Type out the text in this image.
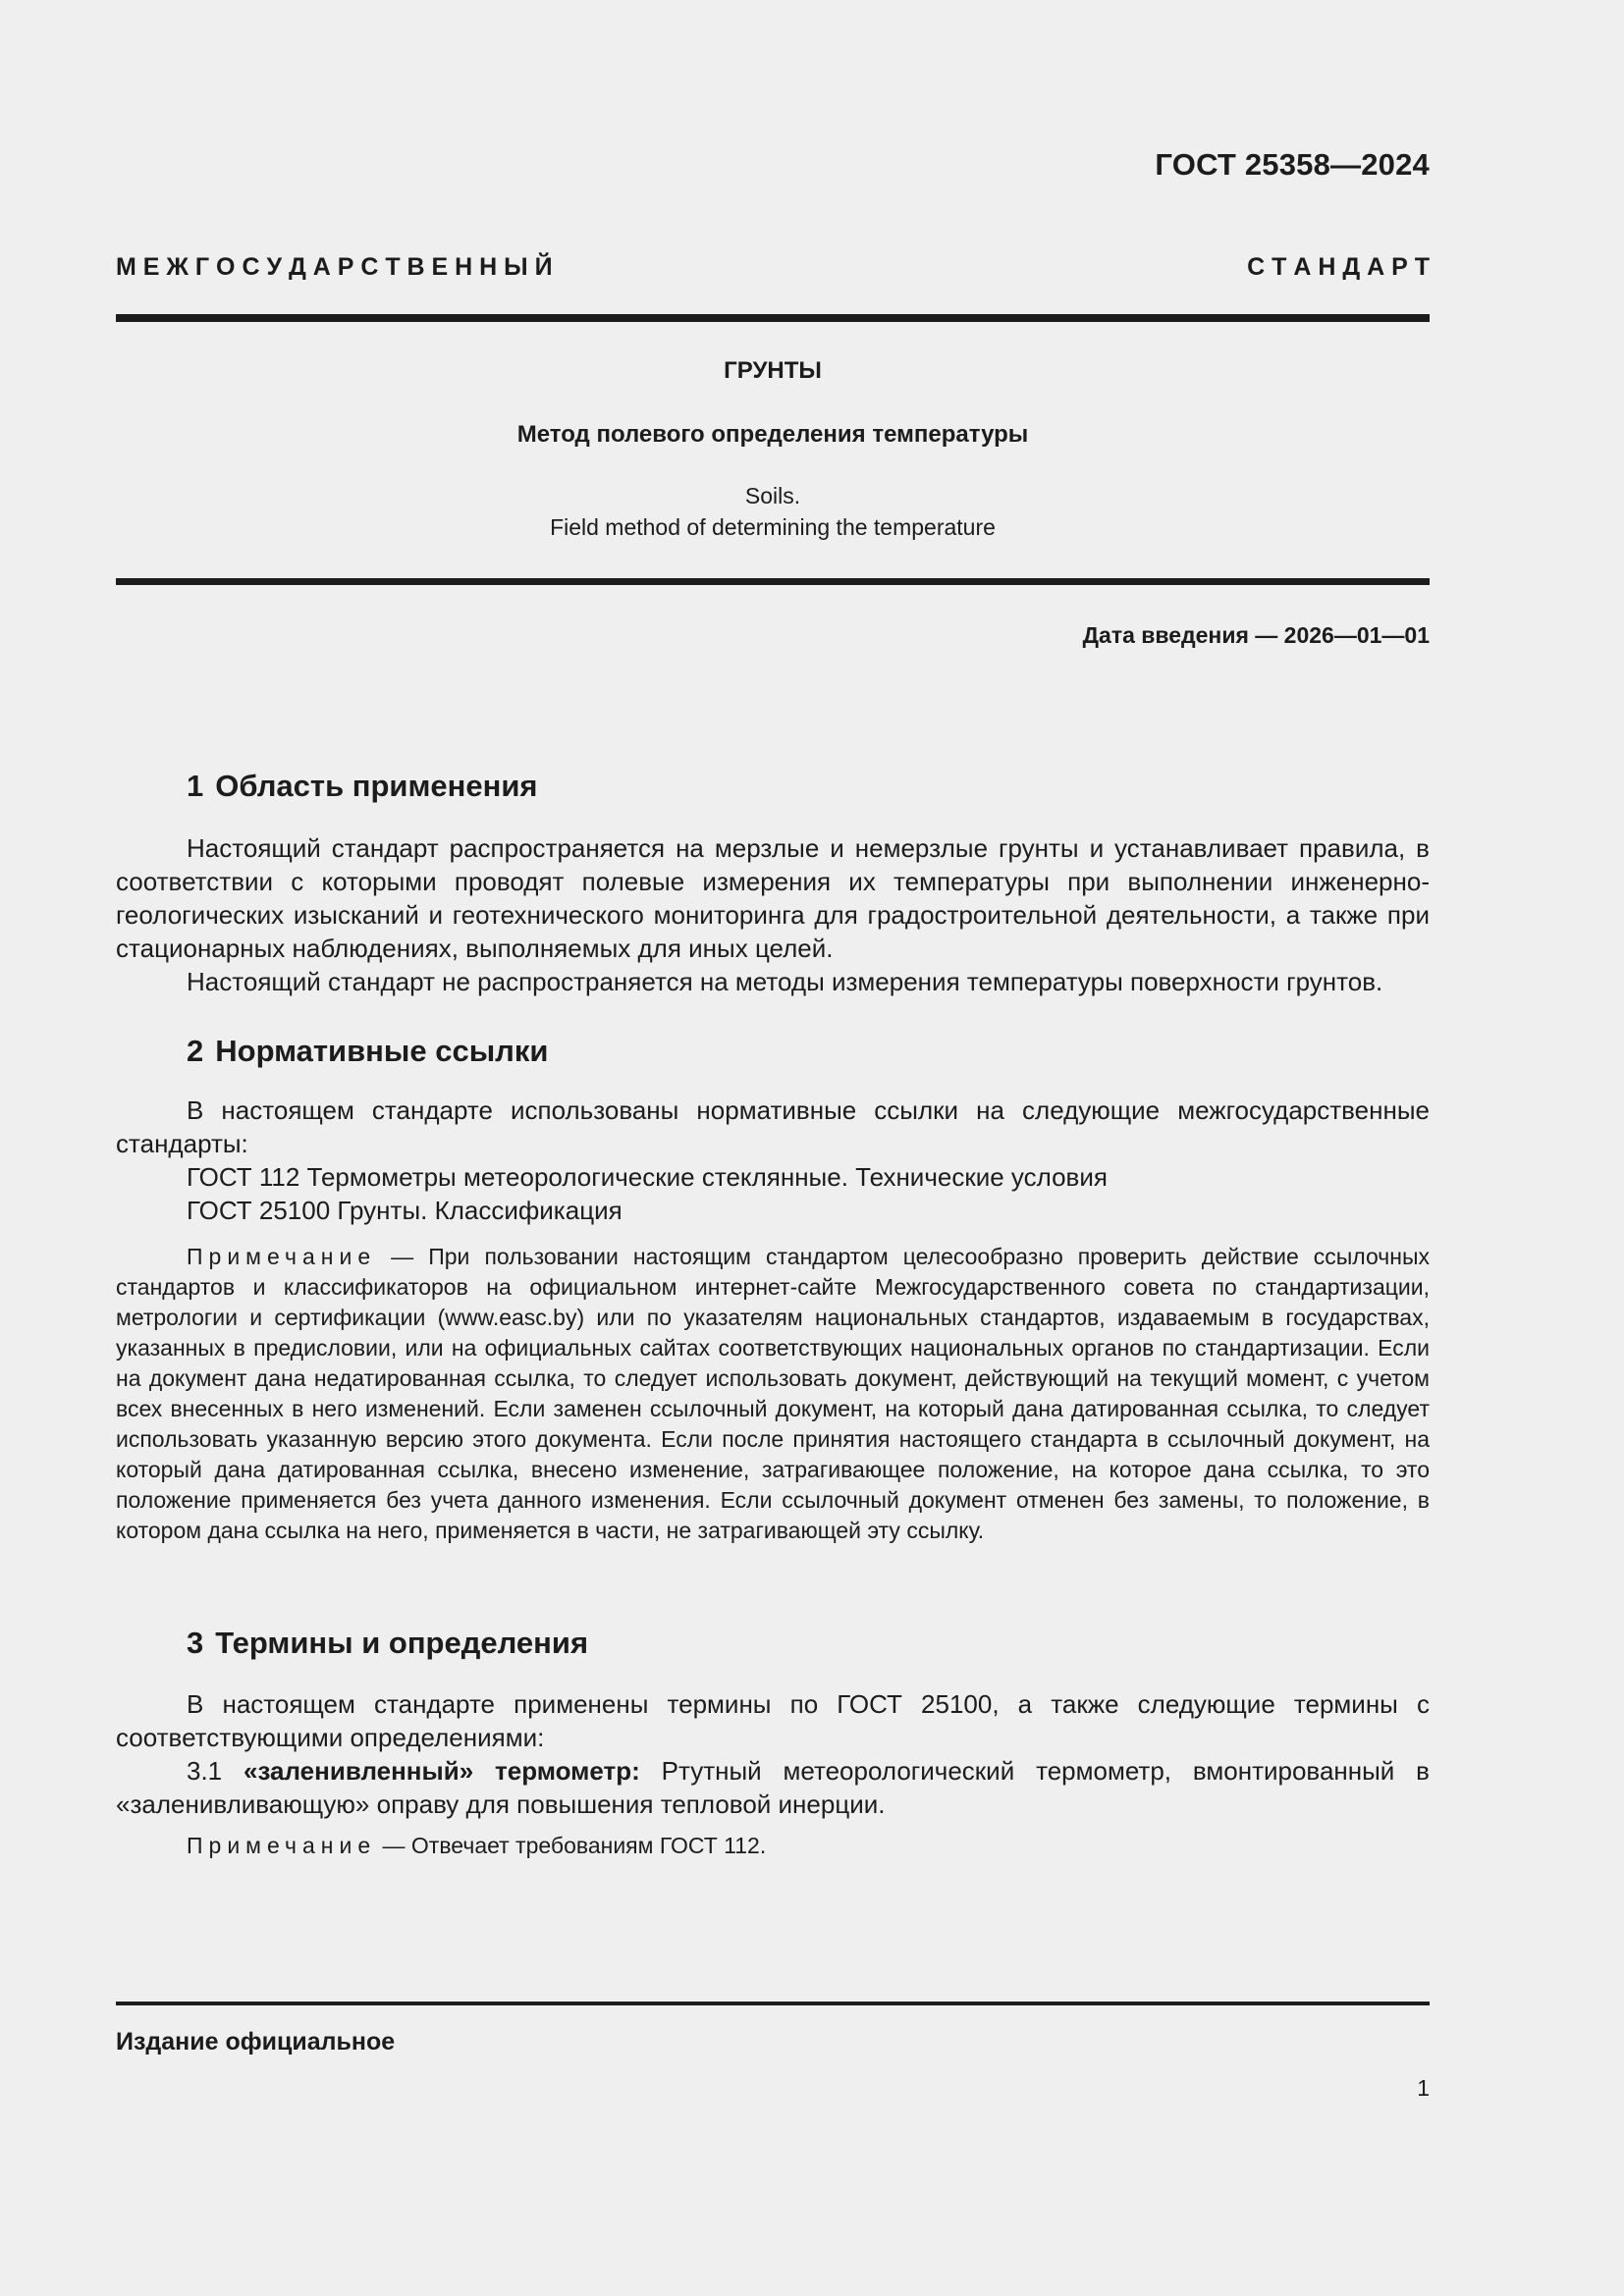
ГОСТ 25358—2024
М Е Ж Г О С У Д А Р С Т В Е Н Н Ы Й	С Т А Н Д А Р Т
ГРУНТЫ
Метод полевого определения температуры
Soils.
Field method of determining the temperature
Дата введения — 2026—01—01
1 Область применения

Настоящий стандарт распространяется на мерзлые и немерзлые грунты и устанавливает правила, в соответствии с которыми проводят полевые измерения их температуры при выполнении инженерно-геологических изысканий и геотехнического мониторинга для градостроительной деятельности, а также при стационарных наблюдениях, выполняемых для иных целей.

Настоящий стандарт не распространяется на методы измерения температуры поверхности грунтов.

2 Нормативные ссылки

В настоящем стандарте использованы нормативные ссылки на следующие межгосударственные стандарты:

ГОСТ 112 Термометры метеорологические стеклянные. Технические условия

ГОСТ 25100 Грунты. Классификация

Примечание — При пользовании настоящим стандартом целесообразно проверить действие ссылочных стандартов и классификаторов на официальном интернет-сайте Межгосударственного совета по стандартизации, метрологии и сертификации (www.easc.by) или по указателям национальных стандартов, издаваемым в государствах, указанных в предисловии, или на официальных сайтах соответствующих национальных органов по стандартизации. Если на документ дана недатированная ссылка, то следует использовать документ, действующий на текущий момент, с учетом всех внесенных в него изменений. Если заменен ссылочный документ, на который дана датированная ссылка, то следует использовать указанную версию этого документа. Если после принятия настоящего стандарта в ссылочный документ, на который дана датированная ссылка, внесено изменение, затрагивающее положение, на которое дана ссылка, то это положение применяется без учета данного изменения. Если ссылочный документ отменен без замены, то положение, в котором дана ссылка на него, применяется в части, не затрагивающей эту ссылку.

3 Термины и определения

В настоящем стандарте применены термины по ГОСТ 25100, а также следующие термины с соответствующими определениями:

3.1 «заленивленный» термометр: Ртутный метеорологический термометр, вмонтированный в «заленивливающую» оправу для повышения тепловой инерции.

Примечание — Отвечает требованиям ГОСТ 112.

Издание официальное
1
